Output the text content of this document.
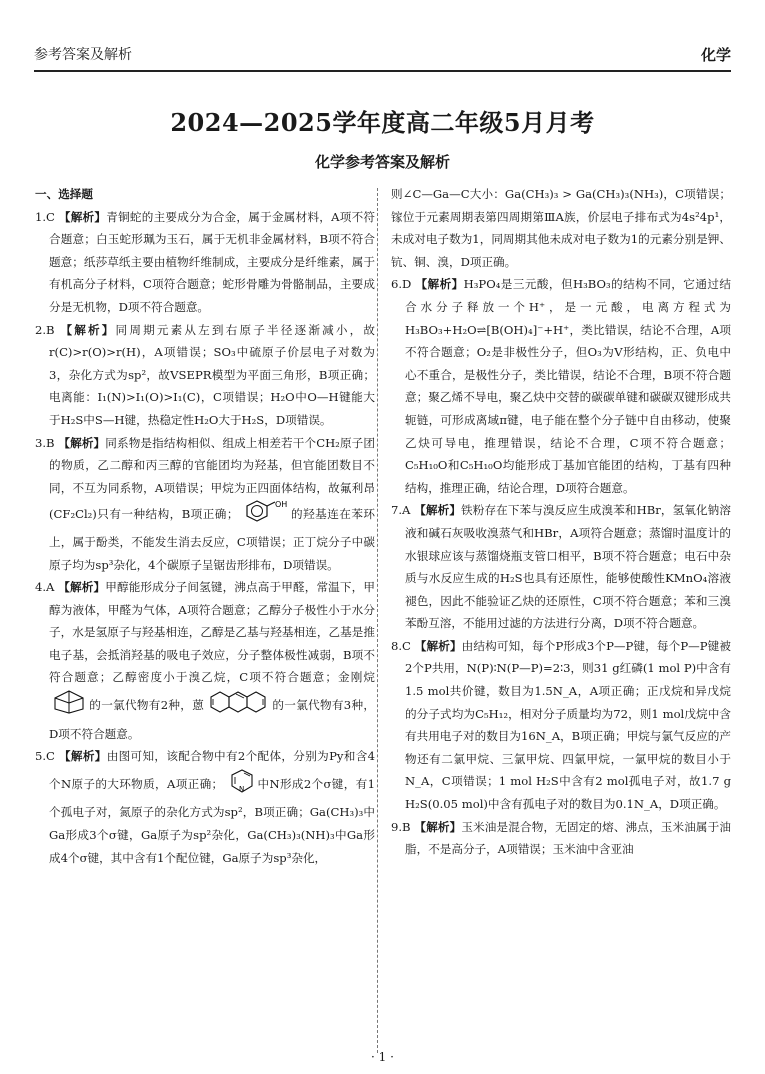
参考答案及解析	化学
2024—2025学年度高二年级5月月考
化学参考答案及解析
一、选择题

1.C 【解析】青铜蛇的主要成分为合金，属于金属材料，A项不符合题意；白玉蛇形珮为玉石，属于无机非金属材料，B项不符合题意；纸莎草纸主要由植物纤维制成，主要成分是纤维素，属于有机高分子材料，C项符合题意；蛇形骨雕为骨骼制品，主要成分是无机物，D项不符合题意。

2.B 【解析】同周期元素从左到右原子半径逐渐减小，故r(C)>r(O)>r(H)，A项错误；SO₃中硫原子价层电子对数为3，杂化方式为sp²，故VSEPR模型为平面三角形，B项正确；电离能：I₁(N)>I₁(O)>I₁(C)，C项错误；H₂O中O—H键能大于H₂S中S—H键，热稳定性H₂O大于H₂S，D项错误。

3.B 【解析】同系物是指结构相似、组成上相差若干个CH₂原子团的物质，乙二醇和丙三醇的官能团均为羟基，但官能团数目不同，不互为同系物，A项错误；甲烷为正四面体结构，故氟利昂(CF₂Cl₂)只有一种结构，B项正确；
OH
的羟基连在苯环上，属于酚类，不能发生消去反应，C项错误；正丁烷分子中碳原子均为sp³杂化，4个碳原子呈锯齿形排布，D项错误。

4.A 【解析】甲醇能形成分子间氢键，沸点高于甲醛，常温下，甲醇为液体，甲醛为气体，A项符合题意；乙醇分子极性小于水分子，水是氢原子与羟基相连，乙醇是乙基与羟基相连，乙基是推电子基，会抵消羟基的吸电子效应，分子整体极性减弱，B项不符合题意；乙醇密度小于溴乙烷，C项不符合题意；金刚烷 的一氯代物有2种，蒽	的一氯代物有3种，D项不符合题意。

5.C 【解析】由图可知，该配合物中有2个配体，分别为Py和含4个N原子的大环物质，A项正确； N 中N形成2个σ键，有1个孤电子对，氮原子的杂化方式为sp²，B项正确；Ga(CH₃)₃中Ga形成3个σ键，Ga原子为sp²杂化，Ga(CH₃)₃(NH)₃中Ga形成4个σ键，其中含有1个配位键，Ga原子为sp³杂化，

则∠C—Ga—C大小：Ga(CH₃)₃ > Ga(CH₃)₃(NH₃)，C项错误；镓位于元素周期表第四周期第ⅢA族，价层电子排布式为4s²4p¹，未成对电子数为1，同周期其他未成对电子数为1的元素分别是钾、钪、铜、溴，D项正确。

6.D 【解析】H₃PO₄是三元酸，但H₃BO₃的结构不同，它通过结合水分子释放一个H⁺，是一元酸，电离方程式为H₃BO₃+H₂O⇌[B(OH)₄]⁻+H⁺，类比错误，结论不合理，A项不符合题意；O₂是非极性分子，但O₃为V形结构，正、负电中心不重合，是极性分子，类比错误，结论不合理，B项不符合题意；聚乙烯不导电，聚乙炔中交替的碳碳单键和碳碳双键形成共轭链，可形成离域π键，电子能在整个分子链中自由移动，使聚乙炔可导电，推理错误，结论不合理，C项不符合题意；C₅H₁₀O和C₅H₁₀O均能形成丁基加官能团的结构，丁基有四种结构，推理正确，结论合理，D项符合题意。

7.A 【解析】铁粉存在下苯与溴反应生成溴苯和HBr，氢氧化钠溶液和碱石灰吸收溴蒸气和HBr，A项符合题意；蒸馏时温度计的水银球应该与蒸馏烧瓶支管口相平，B项不符合题意；电石中杂质与水反应生成的H₂S也具有还原性，能够使酸性KMnO₄溶液褪色，因此不能验证乙炔的还原性，C项不符合题意；苯和三溴苯酚互溶，不能用过滤的方法进行分离，D项不符合题意。

8.C 【解析】由结构可知，每个P形成3个P—P键，每个P—P键被2个P共用，N(P)∶N(P—P)=2∶3，则31 g红磷(1 mol P)中含有1.5 mol共价键，数目为1.5N_A，A项正确；正戊烷和异戊烷的分子式均为C₅H₁₂，相对分子质量均为72，则1 mol戊烷中含有共用电子对的数目为16N_A，B项正确；甲烷与氯气反应的产物还有二氯甲烷、三氯甲烷、四氯甲烷，一氯甲烷的数目小于N_A，C项错误；1 mol H₂S中含有2 mol孤电子对，故1.7 g H₂S(0.05 mol)中含有孤电子对的数目为0.1N_A，D项正确。

9.B 【解析】玉米油是混合物，无固定的熔、沸点，玉米油属于油脂，不是高分子，A项错误；玉米油中含亚油

· 1 ·
